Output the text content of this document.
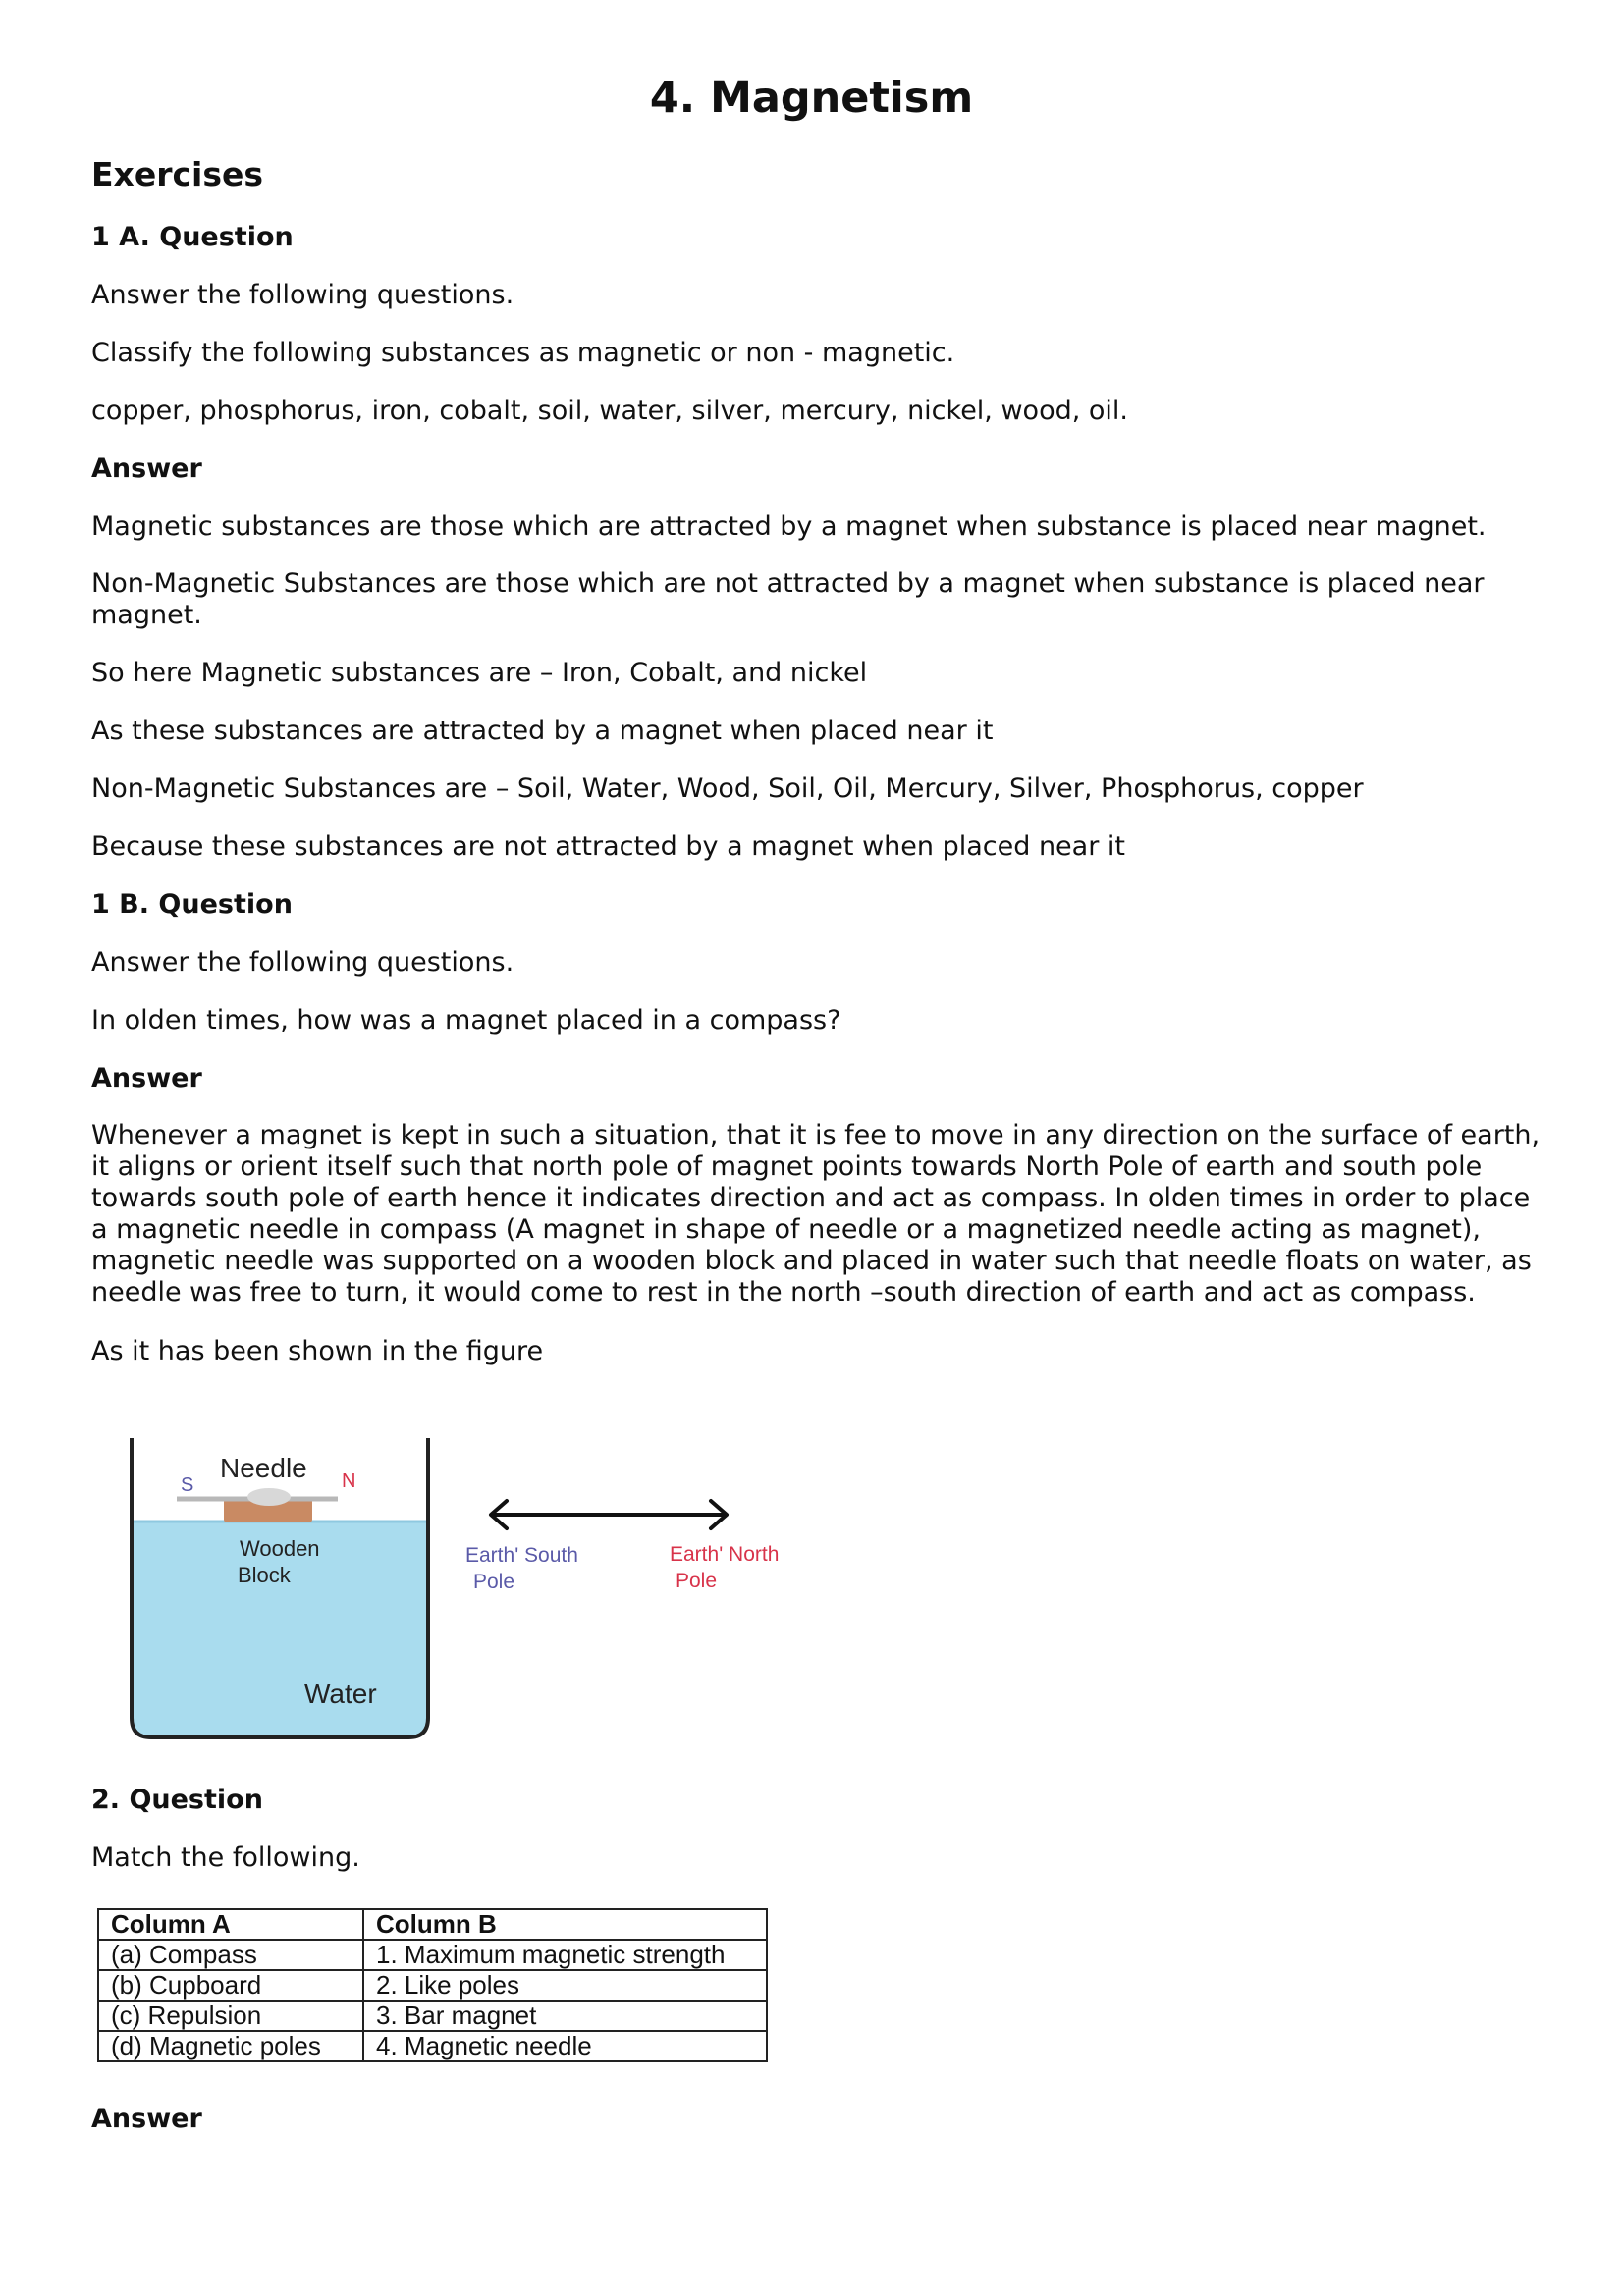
4. Magnetism
Exercises

1 A. Question

Answer the following questions.

Classify the following substances as magnetic or non - magnetic.

copper, phosphorus, iron, cobalt, soil, water, silver, mercury, nickel, wood, oil.

Answer

Magnetic substances are those which are attracted by a magnet when substance is placed near magnet.

Non-Magnetic Substances are those which are not attracted by a magnet when substance is placed near magnet.

So here Magnetic substances are – Iron, Cobalt, and nickel

As these substances are attracted by a magnet when placed near it

Non-Magnetic Substances are – Soil, Water, Wood, Soil, Oil, Mercury, Silver, Phosphorus, copper

Because these substances are not attracted by a magnet when placed near it

1 B. Question

Answer the following questions.

In olden times, how was a magnet placed in a compass?

Answer

Whenever a magnet is kept in such a situation, that it is fee to move in any direction on the surface of earth, it aligns or orient itself such that north pole of magnet points towards North Pole of earth and south pole towards south pole of earth hence it indicates direction and act as compass. In olden times in order to place a magnetic needle in compass (A magnet in shape of needle or a magnetized needle acting as magnet), magnetic needle was supported on a wooden block and placed in water such that needle floats on water, as needle was free to turn, it would come to rest in the north –south direction of earth and act as compass.

As it has been shown in the figure

Needle
S	N
Wooden
Block
Water
Earth' South
Pole
Earth' North
Pole

2. Question

Match the following.

Column A	Column B
(a) Compass	1. Maximum magnetic strength
(b) Cupboard	2. Like poles
(c) Repulsion	3. Bar magnet
(d) Magnetic poles	4. Magnetic needle

Answer
